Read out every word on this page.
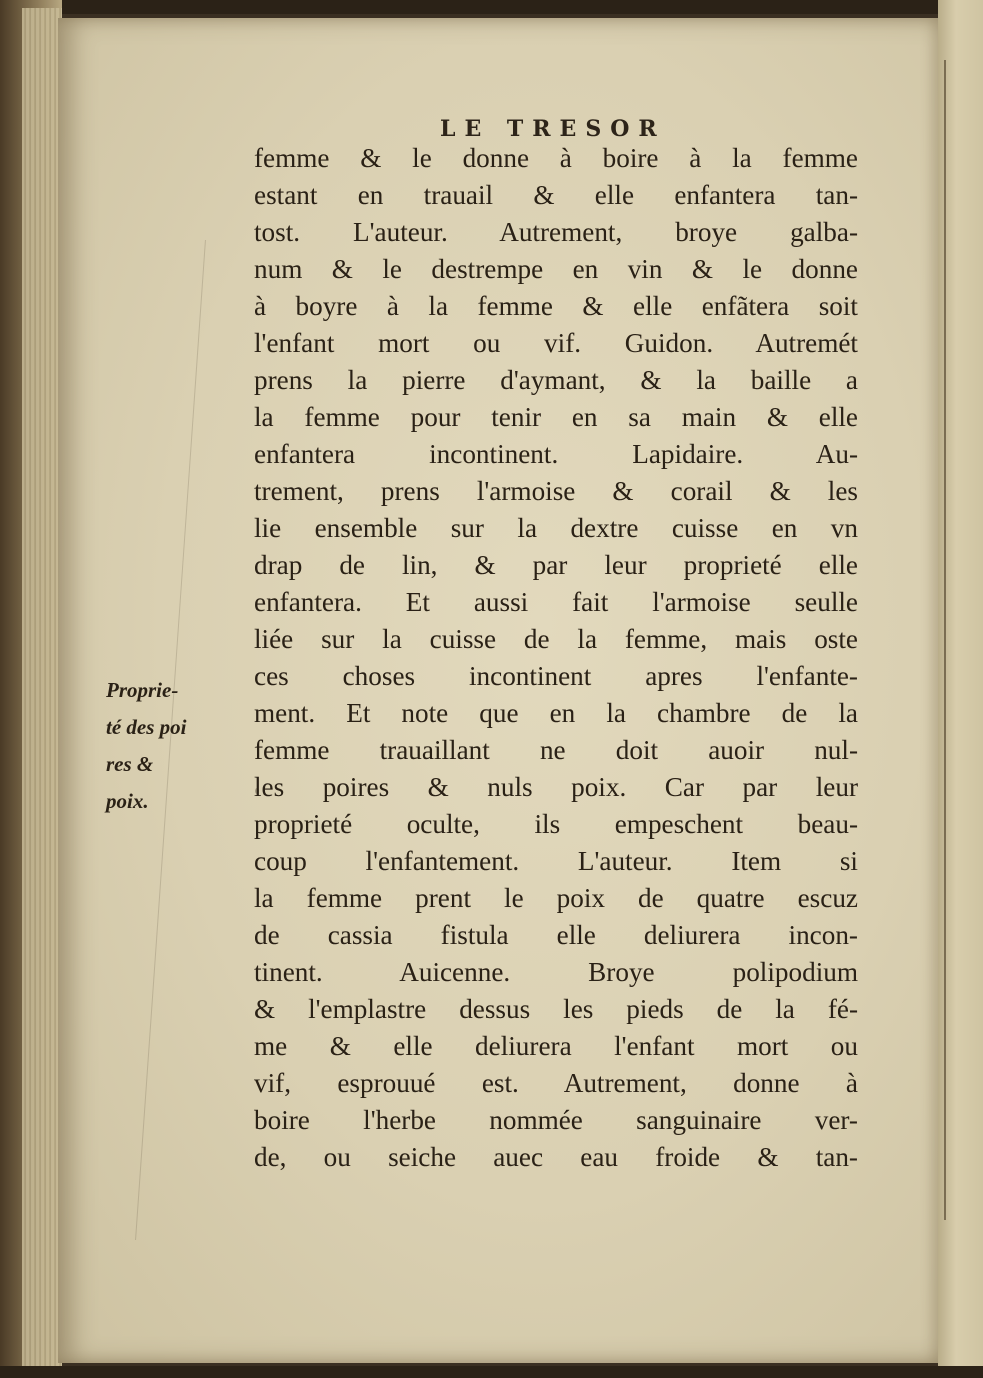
LE TRESOR
femme & le donne à boire à la femme
estant en trauail & elle enfantera tan-
tost. L'auteur. Autrement, broye galba-
num & le destrempe en vin & le donne
à boyre à la femme & elle enfãtera soit
l'enfant mort ou vif. Guidon. Autremét
prens la pierre d'aymant, & la baille a
la femme pour tenir en sa main & elle
enfantera incontinent. Lapidaire. Au-
trement, prens l'armoise & corail & les
lie ensemble sur la dextre cuisse en vn
drap de lin, & par leur proprieté elle
enfantera. Et aussi fait l'armoise seulle
liée sur la cuisse de la femme, mais oste
ces choses incontinent apres l'enfante-
ment. Et note que en la chambre de la
femme trauaillant ne doit auoir nul-
les poires & nuls poix. Car par leur
proprieté oculte, ils empeschent beau-
coup l'enfantement. L'auteur. Item si
la femme prent le poix de quatre escuz
de cassia fistula elle deliurera incon-
tinent. Auicenne. Broye polipodium
& l'emplastre dessus les pieds de la fé-
me & elle deliurera l'enfant mort ou
vif, esprouué est. Autrement, donne à
boire l'herbe nommée sanguinaire ver-
de, ou seiche auec eau froide & tan-
Proprie-
té des poi
res &
poix.
